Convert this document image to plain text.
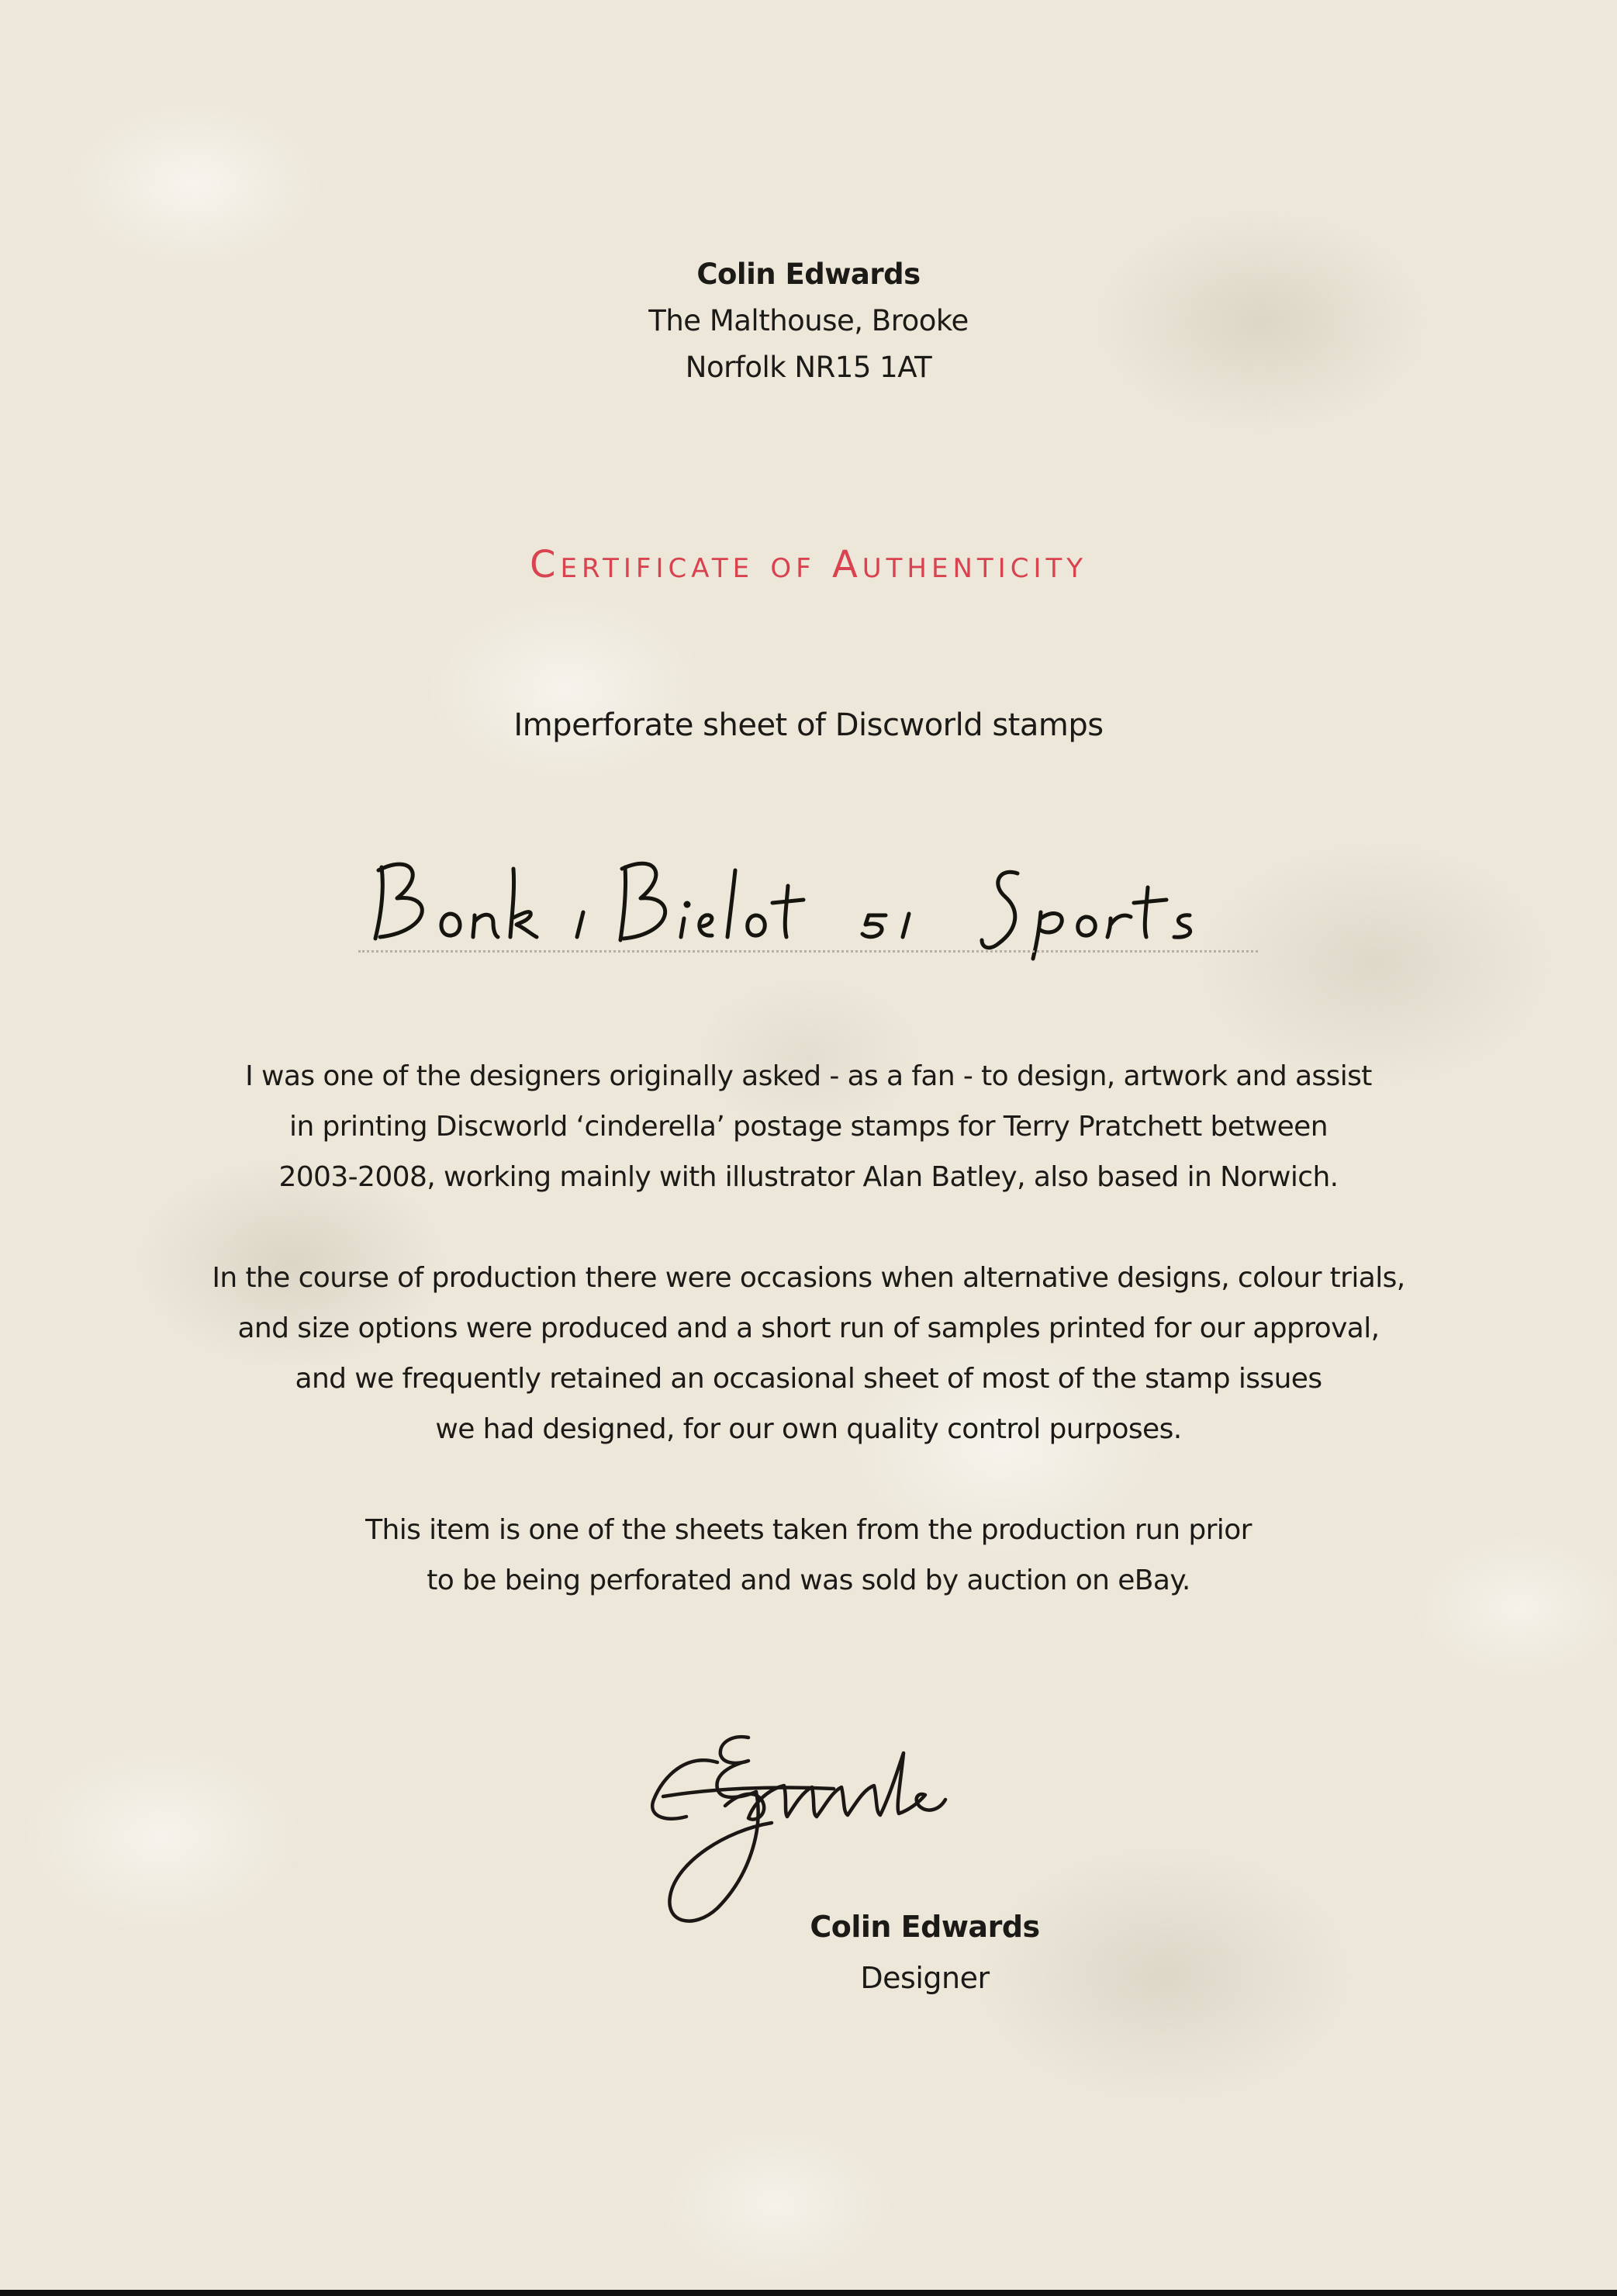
Colin Edwards
The Malthouse, Brooke
Norfolk NR15 1AT
Certificate of Authenticity
Imperforate sheet of Discworld stamps

I was one of the designers originally asked - as a fan - to design, artwork and assist

in printing Discworld ‘cinderella’ postage stamps for Terry Pratchett between

2003-2008, working mainly with illustrator Alan Batley, also based in Norwich.

In the course of production there were occasions when alternative designs, colour trials,

and size options were produced and a short run of samples printed for our approval,

and we frequently retained an occasional sheet of most of the stamp issues

we had designed, for our own quality control purposes.

This item is one of the sheets taken from the production run prior

to be being perforated and was sold by auction on eBay.

Colin Edwards
Designer
